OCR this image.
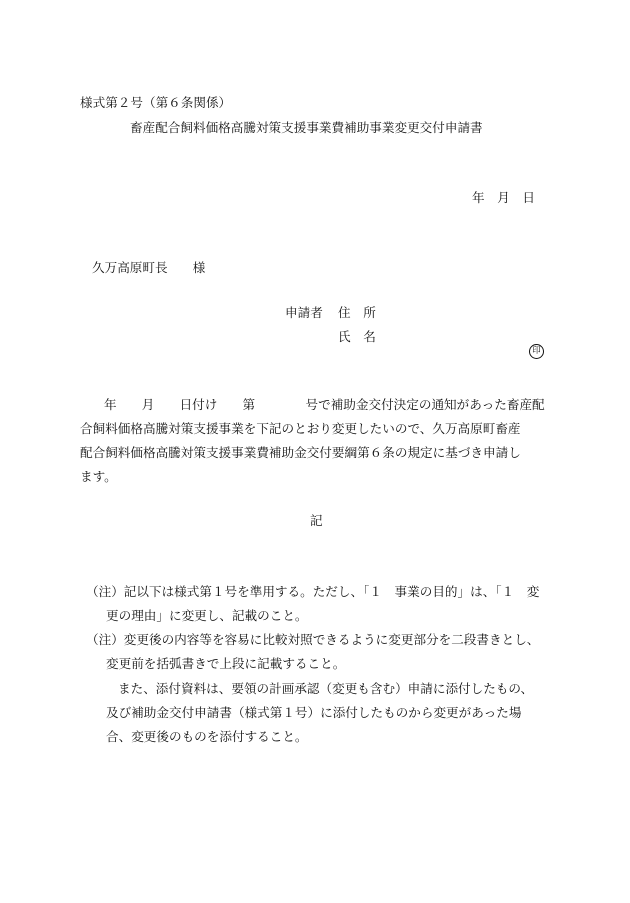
様式第２号（第６条関係）
畜産配合飼料価格高騰対策支援事業費補助事業変更交付申請書
年　月　日
久万高原町長　　様
申請者 住　所
氏　名

印

年　　月　　日付け　　第　　　　号で補助金交付決定の通知があった畜産配
合飼料価格高騰対策支援事業を下記のとおり変更したいので、久万高原町畜産
配合飼料価格高騰対策支援事業費補助金交付要綱第６条の規定に基づき申請し
ます。
記
（注）記以下は様式第１号を準用する。ただし、「１　事業の目的」は、「１　変
更の理由」に変更し、記載のこと。
（注）変更後の内容等を容易に比較対照できるように変更部分を二段書きとし、
変更前を括弧書きで上段に記載すること。
また、添付資料は、要領の計画承認（変更も含む）申請に添付したもの、
及び補助金交付申請書（様式第１号）に添付したものから変更があった場
合、変更後のものを添付すること。
